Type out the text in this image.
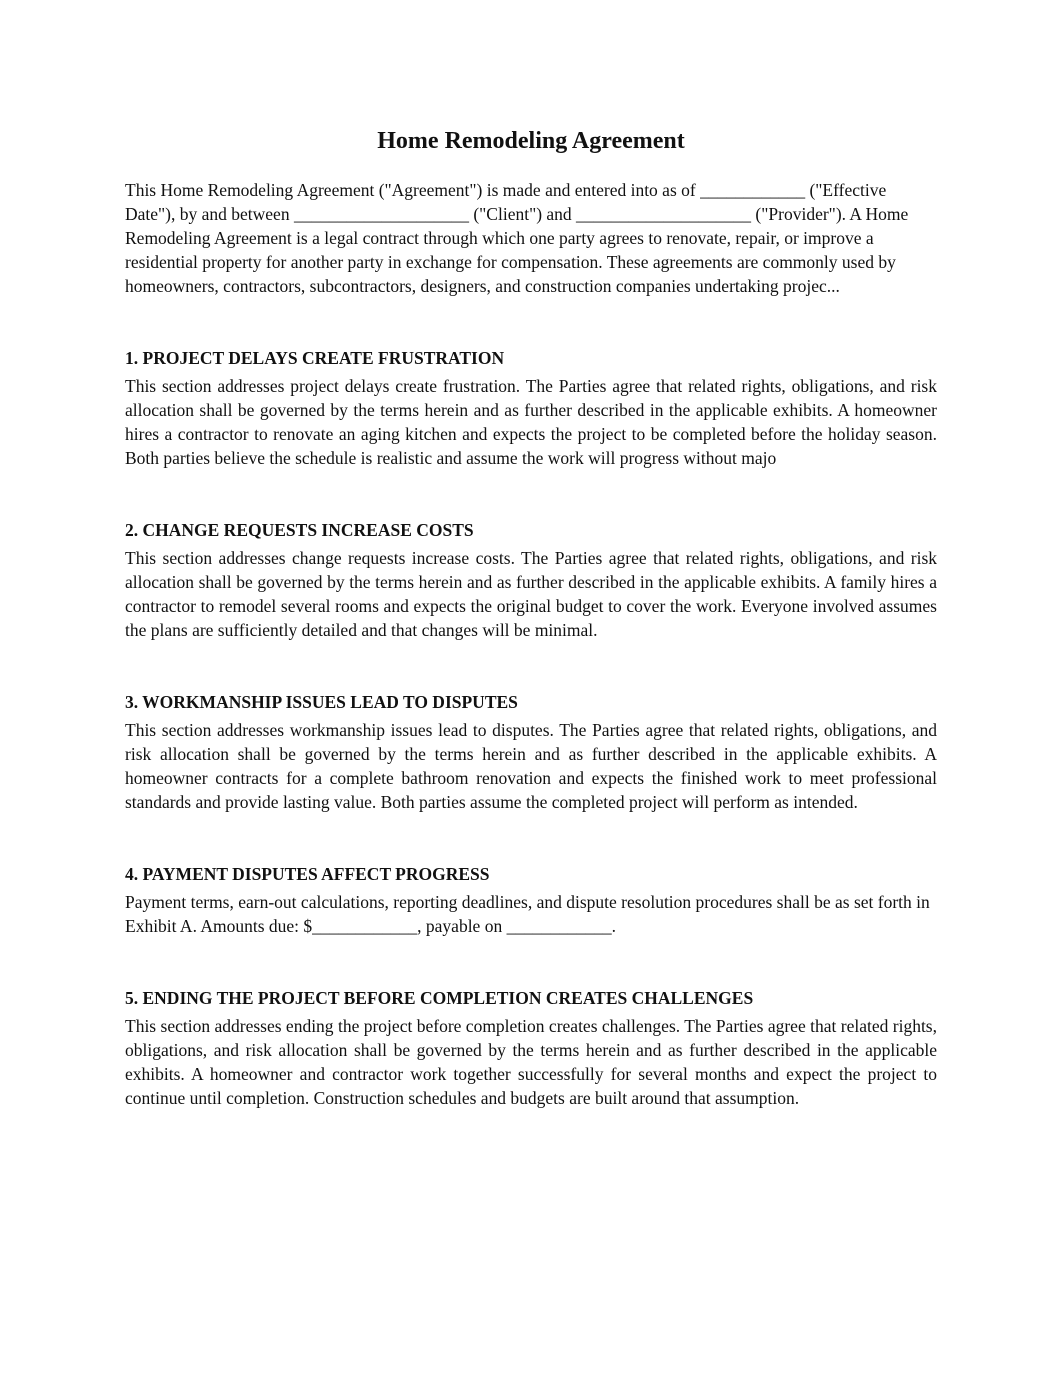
Home Remodeling Agreement

This Home Remodeling Agreement ("Agreement") is made and entered into as of ____________ ("Effective Date"), by and between ____________________ ("Client") and ____________________ ("Provider"). A Home Remodeling Agreement is a legal contract through which one party agrees to renovate, repair, or improve a residential property for another party in exchange for compensation. These agreements are commonly used by homeowners, contractors, subcontractors, designers, and construction companies undertaking projec...

1. PROJECT DELAYS CREATE FRUSTRATION

This section addresses project delays create frustration. The Parties agree that related rights, obligations, and risk allocation shall be governed by the terms herein and as further described in the applicable exhibits. A homeowner hires a contractor to renovate an aging kitchen and expects the project to be completed before the holiday season. Both parties believe the schedule is realistic and assume the work will progress without majo

2. CHANGE REQUESTS INCREASE COSTS

This section addresses change requests increase costs. The Parties agree that related rights, obligations, and risk allocation shall be governed by the terms herein and as further described in the applicable exhibits. A family hires a contractor to remodel several rooms and expects the original budget to cover the work. Everyone involved assumes the plans are sufficiently detailed and that changes will be minimal.

3. WORKMANSHIP ISSUES LEAD TO DISPUTES

This section addresses workmanship issues lead to disputes. The Parties agree that related rights, obligations, and risk allocation shall be governed by the terms herein and as further described in the applicable exhibits. A homeowner contracts for a complete bathroom renovation and expects the finished work to meet professional standards and provide lasting value. Both parties assume the completed project will perform as intended.

4. PAYMENT DISPUTES AFFECT PROGRESS

Payment terms, earn-out calculations, reporting deadlines, and dispute resolution procedures shall be as set forth in Exhibit A. Amounts due: $____________, payable on ____________.

5. ENDING THE PROJECT BEFORE COMPLETION CREATES CHALLENGES

This section addresses ending the project before completion creates challenges. The Parties agree that related rights, obligations, and risk allocation shall be governed by the terms herein and as further described in the applicable exhibits. A homeowner and contractor work together successfully for several months and expect the project to continue until completion. Construction schedules and budgets are built around that assumption.
